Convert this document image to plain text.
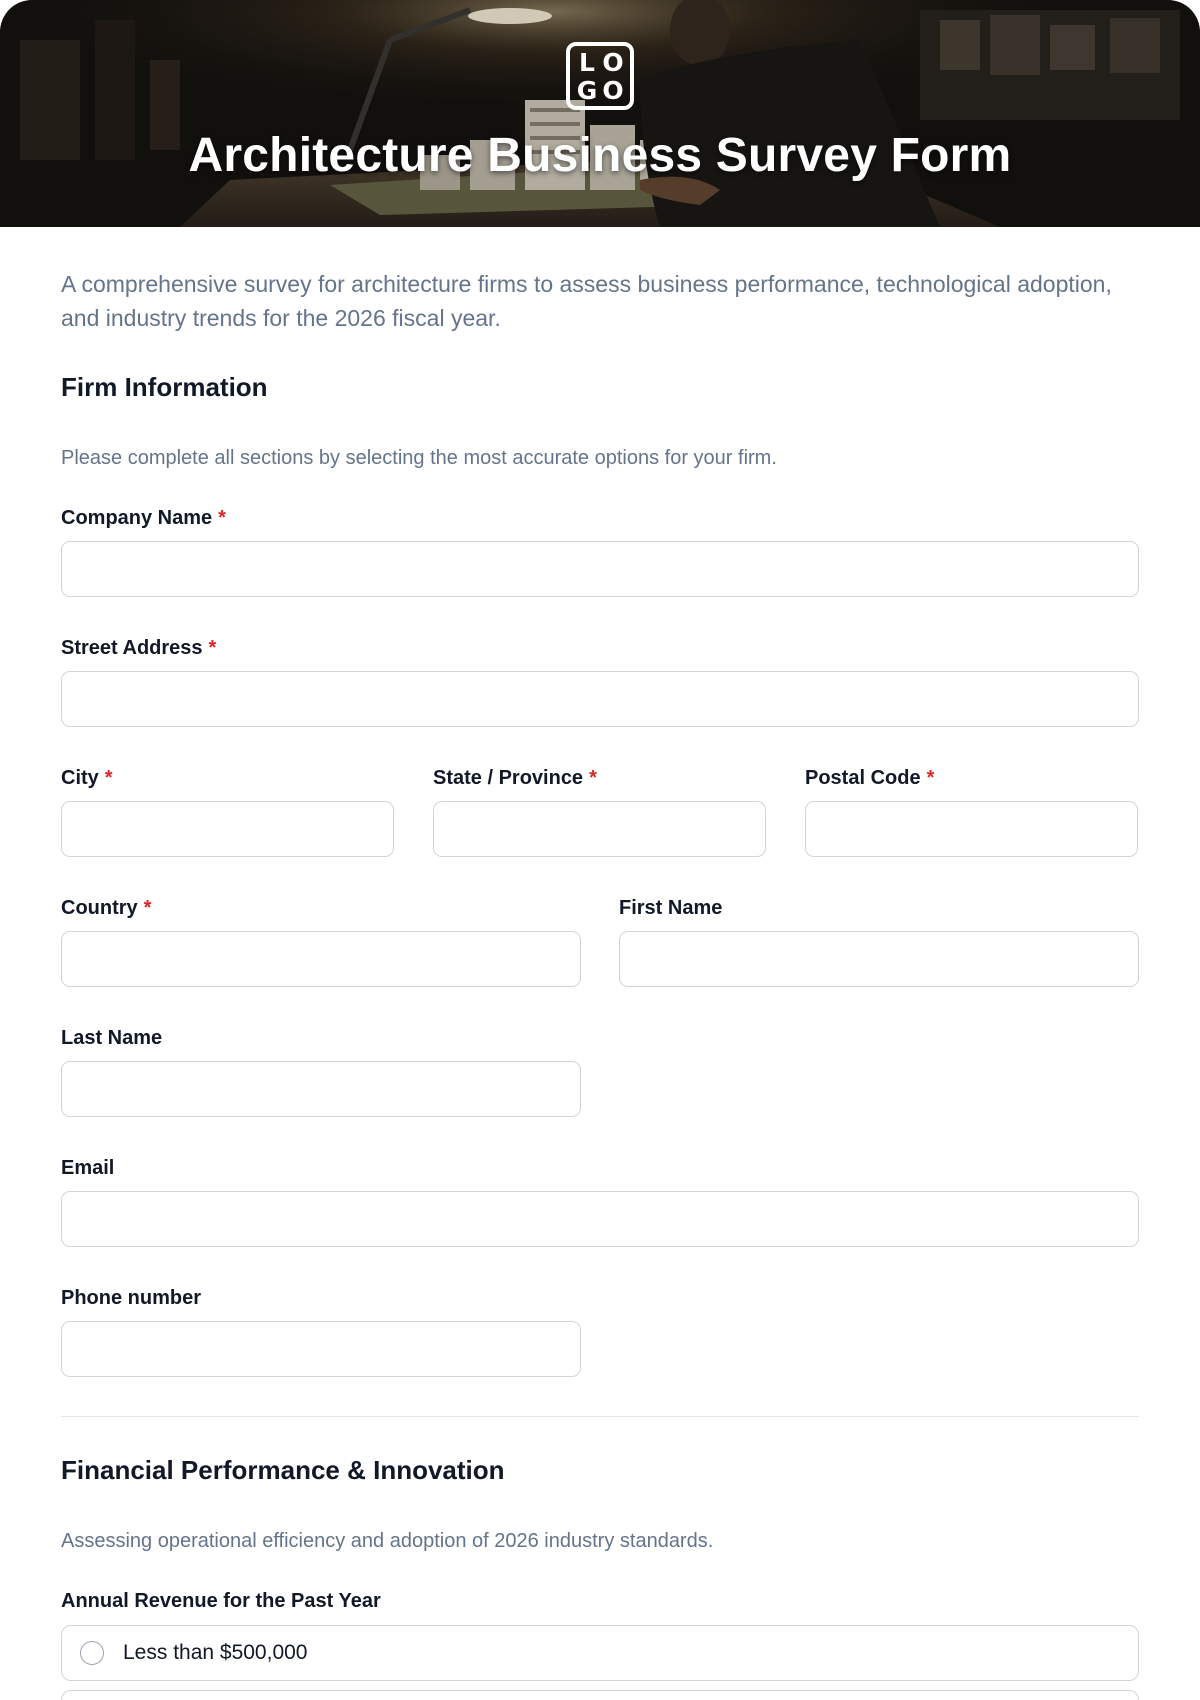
L O
G O
Architecture Business Survey Form

A comprehensive survey for architecture firms to assess business performance, technological adoption, and industry trends for the 2026 fiscal year.

Firm Information

Please complete all sections by selecting the most accurate options for your firm.

Company Name *
Street Address *
City *	State / Province *	Postal Code *
Country *	First Name
Last Name
Email
Phone number
Financial Performance & Innovation

Assessing operational efficiency and adoption of 2026 industry standards.

Annual Revenue for the Past Year
Less than $500,000
